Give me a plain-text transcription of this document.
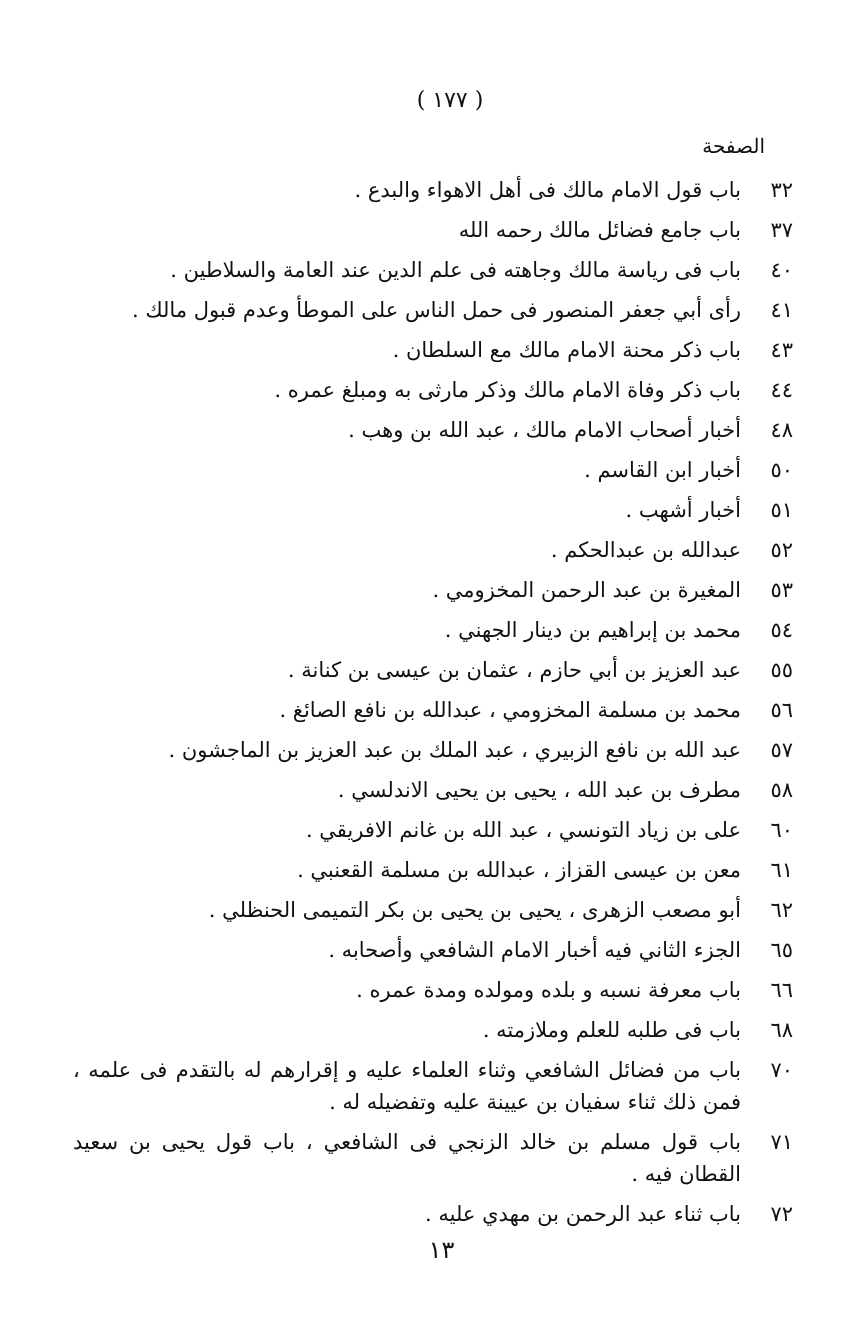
( ١٧٧ )
الصفحة
٣٢
باب قول الامام مالك فى أهل الاهواء والبدع .
٣٧
باب جامع فضائل مالك رحمه الله
٤٠
باب فى رياسة مالك وجاهته فى علم الدين عند العامة والسلاطين .
٤١
رأى أبي جعفر المنصور فى حمل الناس على الموطأ وعدم قبول مالك .
٤٣
باب ذكر محنة الامام مالك مع السلطان .
٤٤
باب ذكر وفاة الامام مالك وذكر مارثى به ومبلغ عمره .
٤٨
أخبار أصحاب الامام مالك ، عبد الله بن وهب .
٥٠
أخبار ابن القاسم .
٥١
أخبار أشهب .
٥٢
عبدالله بن عبدالحكم .
٥٣
المغيرة بن عبد الرحمن المخزومي .
٥٤
محمد بن إبراهيم بن دينار الجهني .
٥٥
عبد العزيز بن أبي حازم ، عثمان بن عيسى بن كنانة .
٥٦
محمد بن مسلمة المخزومي ، عبدالله بن نافع الصائغ .
٥٧
عبد الله بن نافع الزبيري ، عبد الملك بن عبد العزيز بن الماجشون .
٥٨
مطرف بن عبد الله ، يحيى بن يحيى الاندلسي .
٦٠
على بن زياد التونسي ، عبد الله بن غانم الافريقي .
٦١
معن بن عيسى القزاز ، عبدالله بن مسلمة القعنبي .
٦٢
أبو مصعب الزهرى ، يحيى بن يحيى بن بكر التميمى الحنظلي .
٦٥
الجزء الثاني فيه أخبار الامام الشافعي وأصحابه .
٦٦
باب معرفة نسبه و بلده ومولده ومدة عمره .
٦٨
باب فى طلبه للعلم وملازمته .
٧٠
باب من فضائل الشافعي وثناء العلماء عليه و إقرارهم له بالتقدم فى علمه ، فمن ذلك ثناء سفيان بن عيينة عليه وتفضيله له .
٧١
باب قول مسلم بن خالد الزنجي فى الشافعي ، باب قول يحيى بن سعيد القطان فيه .
٧٢
باب ثناء عبد الرحمن بن مهدي عليه .
١٣
